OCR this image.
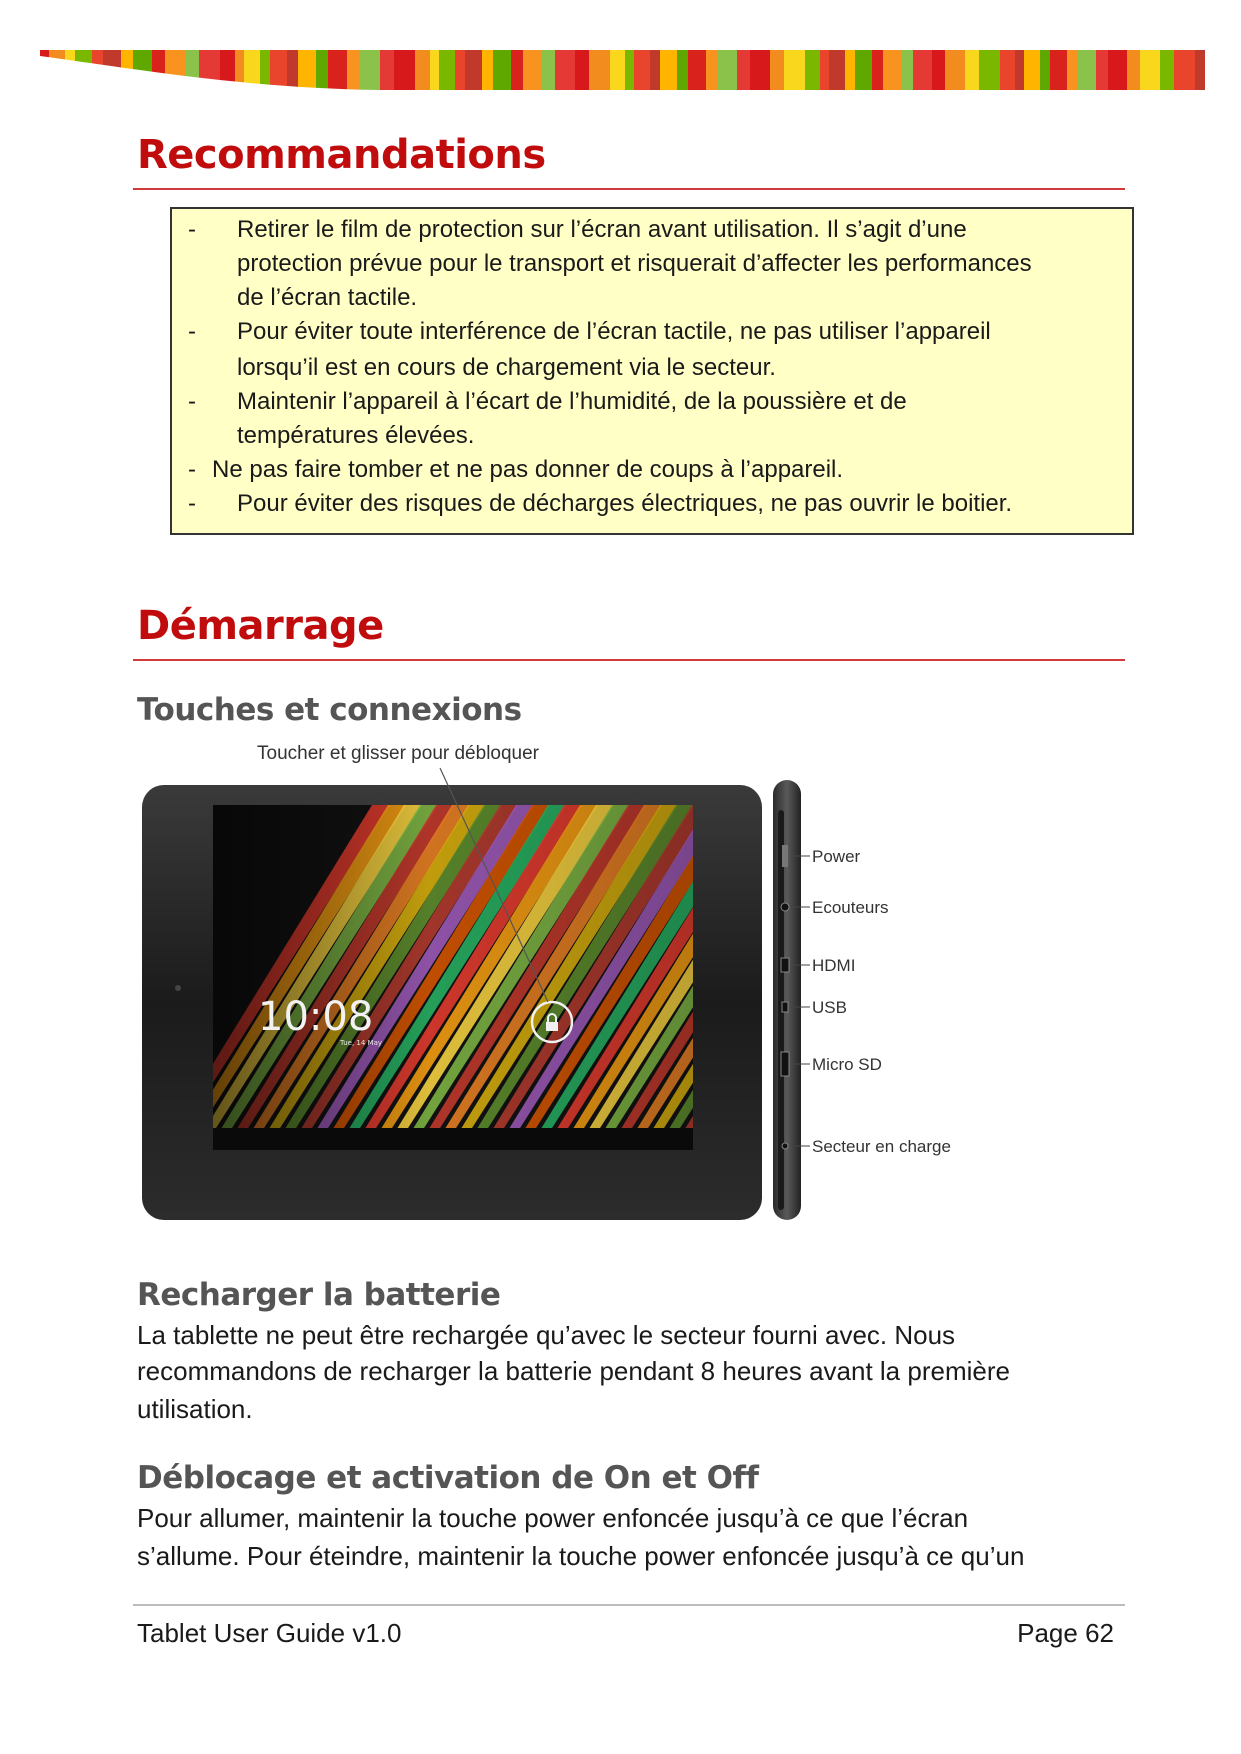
Recommandations
- Retirer le film de protection sur l’écran avant utilisation. Il s’agit d’une
protection prévue pour le transport et risquerait d’affecter les performances
de l’écran tactile.
- Pour éviter toute interférence de l’écran tactile, ne pas utiliser l’appareil
lorsqu’il est en cours de chargement via le secteur.
- Maintenir l’appareil à l’écart de l’humidité, de la poussière et de
températures élevées.
- Ne pas faire tomber et ne pas donner de coups à l’appareil.
- Pour éviter des risques de décharges électriques, ne pas ouvrir le boitier.
Démarrage
Touches et connexions
Toucher et glisser pour débloquer
10:08
Tue, 14 May
Power
Ecouteurs
HDMI
USB
Micro SD
Secteur en charge
Recharger la batterie
La tablette ne peut être rechargée qu’avec le secteur fourni avec. Nous
recommandons de recharger la batterie pendant 8 heures avant la première
utilisation.
Déblocage et activation de On et Off
Pour allumer, maintenir la touche power enfoncée jusqu’à ce que l’écran
s’allume. Pour éteindre, maintenir la touche power enfoncée jusqu’à ce qu’un
Tablet User Guide v1.0	Page 62
